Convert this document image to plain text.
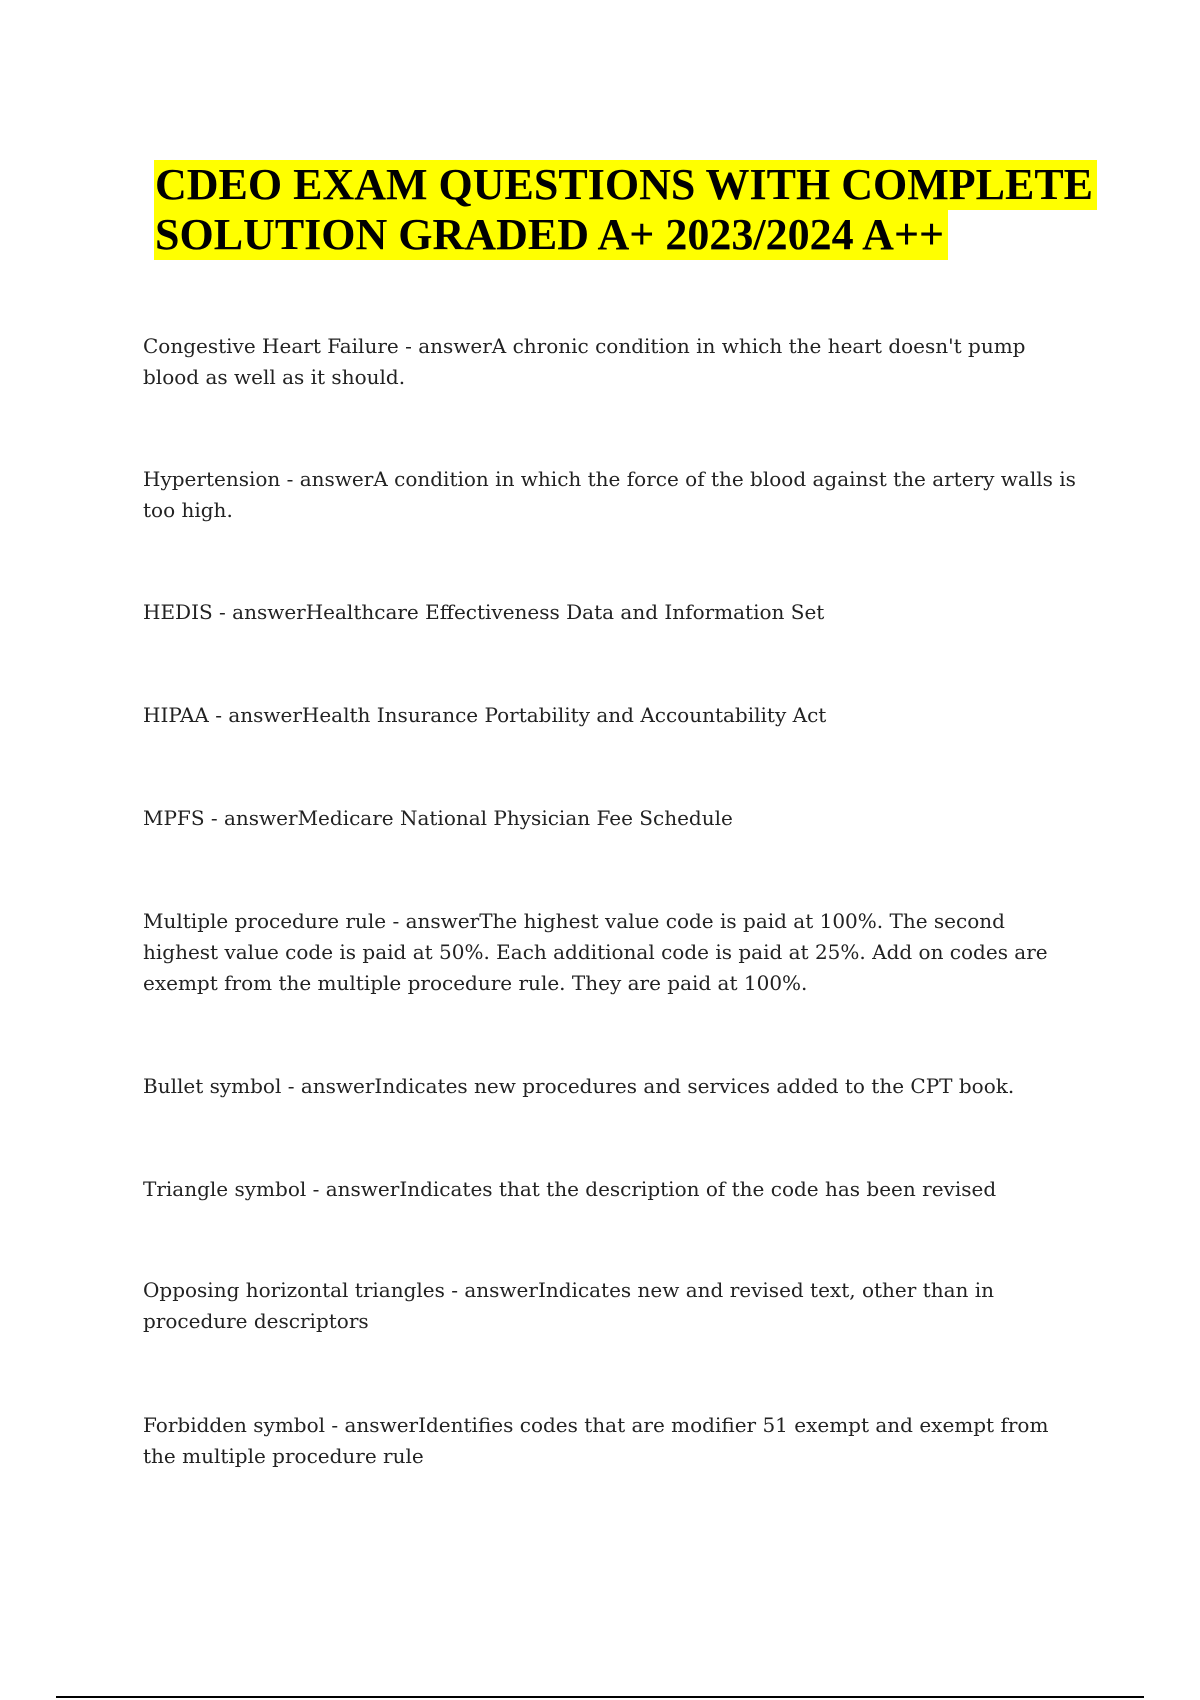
CDEO EXAM QUESTIONS WITH COMPLETE
SOLUTION GRADED A+ 2023/2024 A++

Congestive Heart Failure - answerA chronic condition in which the heart doesn't pump blood as well as it should.

Hypertension - answerA condition in which the force of the blood against the artery walls is too high.

HEDIS - answerHealthcare Effectiveness Data and Information Set

HIPAA - answerHealth Insurance Portability and Accountability Act

MPFS - answerMedicare National Physician Fee Schedule

Multiple procedure rule - answerThe highest value code is paid at 100%. The second highest value code is paid at 50%. Each additional code is paid at 25%. Add on codes are exempt from the multiple procedure rule. They are paid at 100%.

Bullet symbol - answerIndicates new procedures and services added to the CPT book.

Triangle symbol - answerIndicates that the description of the code has been revised

Opposing horizontal triangles - answerIndicates new and revised text, other than in procedure descriptors

Forbidden symbol - answerIdentifies codes that are modifier 51 exempt and exempt from the multiple procedure rule
